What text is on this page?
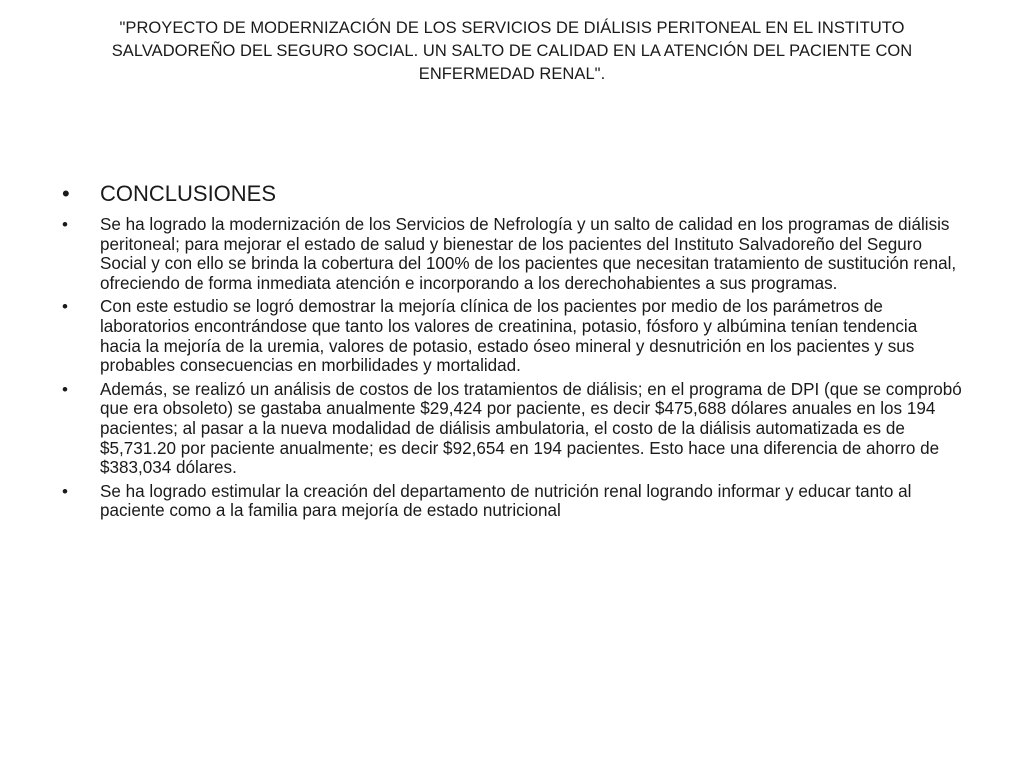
"PROYECTO DE MODERNIZACIÓN DE LOS SERVICIOS DE DIÁLISIS PERITONEAL EN EL INSTITUTO SALVADOREÑO DEL SEGURO SOCIAL. UN SALTO DE CALIDAD EN LA ATENCIÓN DEL PACIENTE CON ENFERMEDAD RENAL".
•	CONCLUSIONES
•	Se ha logrado la modernización de los Servicios de Nefrología y un salto de calidad en los programas de diálisis peritoneal; para mejorar el estado de salud y bienestar de los pacientes del Instituto Salvadoreño del Seguro Social y con ello se brinda la cobertura del 100% de los pacientes que necesitan tratamiento de sustitución renal, ofreciendo de forma inmediata atención e incorporando a los derechohabientes a sus programas.
•	Con este estudio se logró demostrar la mejoría clínica de los pacientes por medio de los parámetros de laboratorios encontrándose que tanto los valores de creatinina, potasio, fósforo y albúmina tenían tendencia hacia la mejoría de la uremia, valores de potasio, estado óseo mineral y desnutrición en los pacientes y sus probables consecuencias en morbilidades y mortalidad.
•	Además, se realizó un análisis de costos de los tratamientos de diálisis; en el programa de DPI (que se comprobó que era obsoleto) se gastaba anualmente $29,424 por paciente, es decir $475,688 dólares anuales en los 194 pacientes; al pasar a la nueva modalidad de diálisis ambulatoria, el costo de la diálisis automatizada es de $5,731.20 por paciente anualmente; es decir $92,654 en 194 pacientes. Esto hace una diferencia de ahorro de $383,034 dólares.
•	Se ha logrado estimular la creación del departamento de nutrición renal logrando informar y educar tanto al paciente como a la familia para mejoría de estado nutricional
